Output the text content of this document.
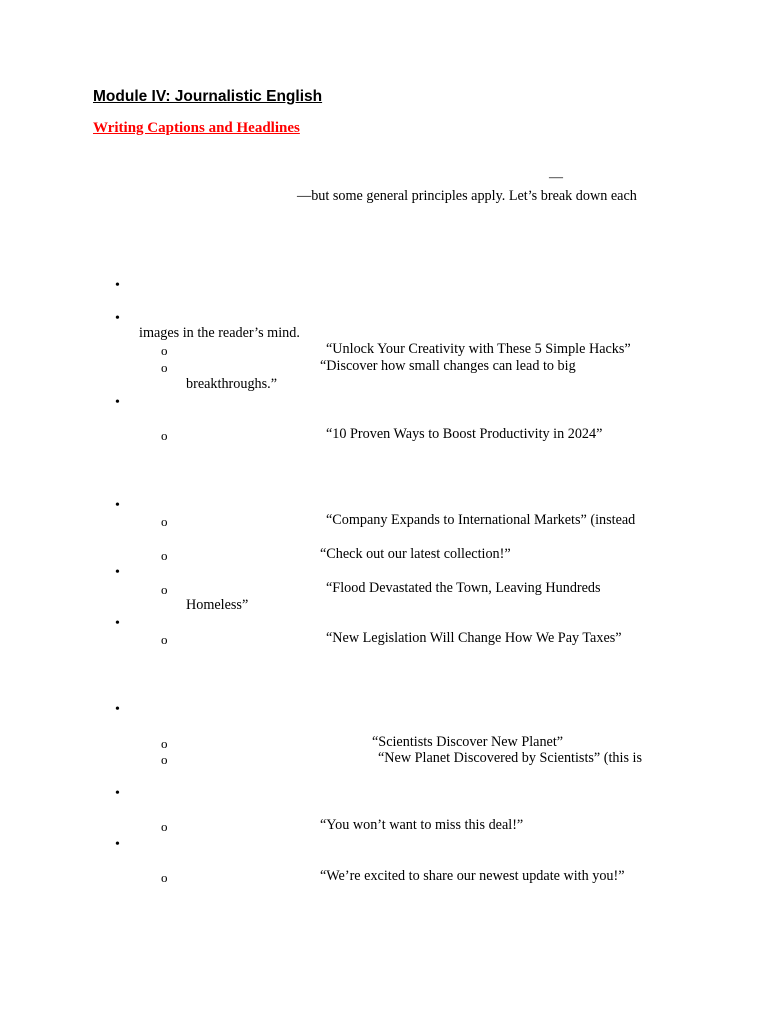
Module IV: Journalistic English
Writing Captions and Headlines
—
—but some general principles apply. Let’s break down each
•
•
images in the reader’s mind.
o	“Unlock Your Creativity with These 5 Simple Hacks”
o	“Discover how small changes can lead to big
breakthroughs.”
•
o	“10 Proven Ways to Boost Productivity in 2024”
•
o	“Company Expands to International Markets” (instead
o	“Check out our latest collection!”
•
o	“Flood Devastated the Town, Leaving Hundreds
Homeless”
•
o	“New Legislation Will Change How We Pay Taxes”
•
o	“Scientists Discover New Planet”
o	“New Planet Discovered by Scientists” (this is
•
o	“You won’t want to miss this deal!”
•
o	“We’re excited to share our newest update with you!”
